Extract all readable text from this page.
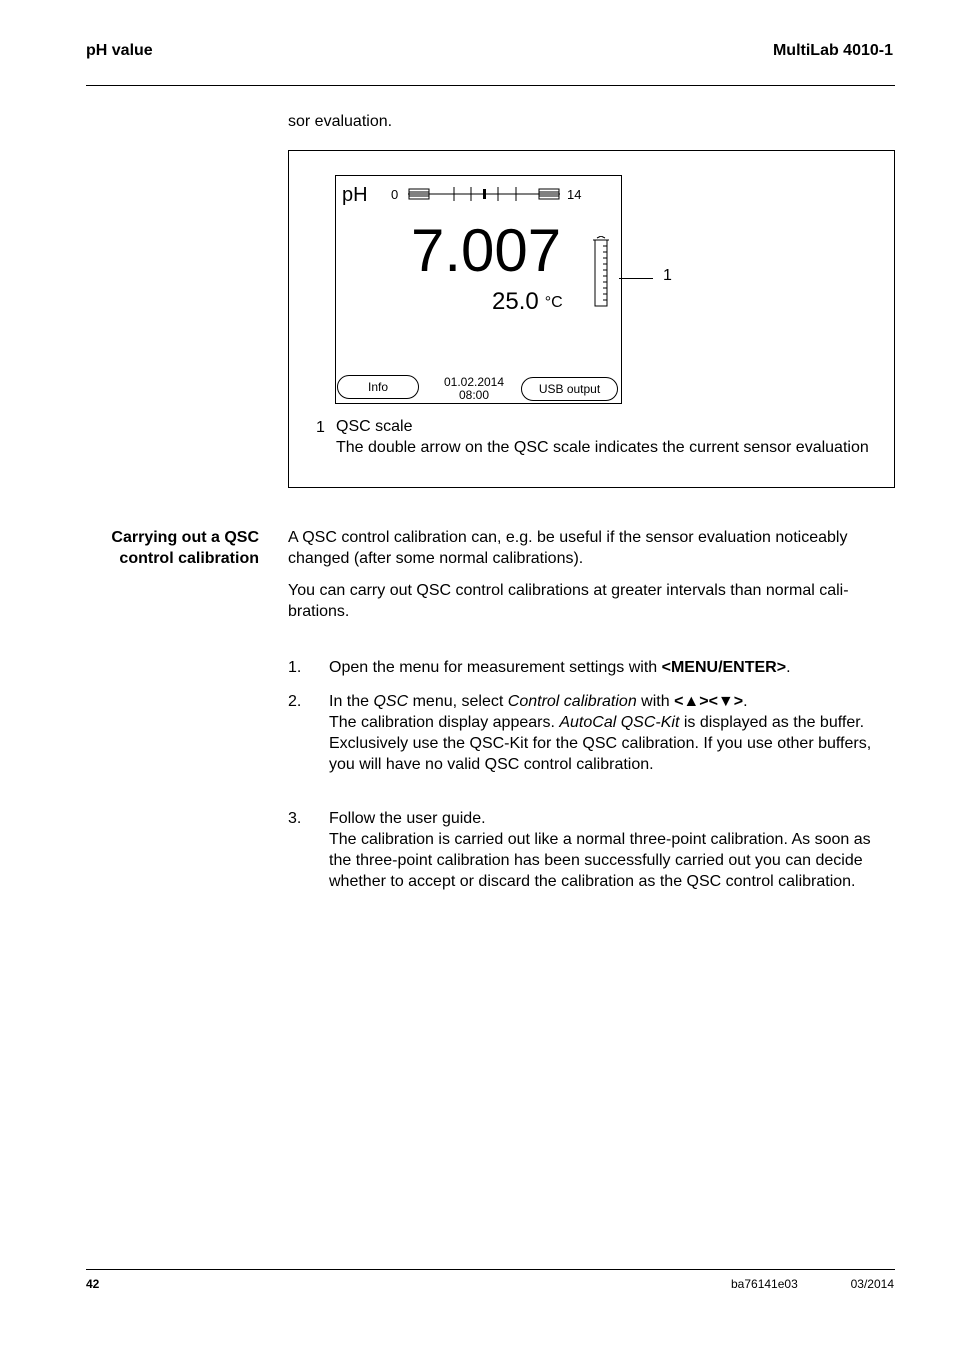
pH value	MultiLab 4010-1
sor evaluation.
pH 0	14
7.007
25.0 °C
Info	01.02.2014
08:00	USB output
1
1 QSC scale
The double arrow on the QSC scale indicates the current sensor evaluation
Carrying out a QSC
control calibration
A QSC control calibration can, e.g. be useful if the sensor evaluation noticeably changed (after some normal calibrations).
You can carry out QSC control calibrations at greater intervals than normal cali-brations.
1. Open the menu for measurement settings with <MENU/ENTER>.
2. In the QSC menu, select Control calibration with <▲><▼>.
The calibration display appears. AutoCal QSC-Kit is displayed as the buffer.
Exclusively use the QSC-Kit for the QSC calibration. If you use other buffers, you will have no valid QSC control calibration.
3. Follow the user guide.
The calibration is carried out like a normal three-point calibration. As soon as the three-point calibration has been successfully carried out you can decide whether to accept or discard the calibration as the QSC control calibration.
42	ba76141e03	03/2014
